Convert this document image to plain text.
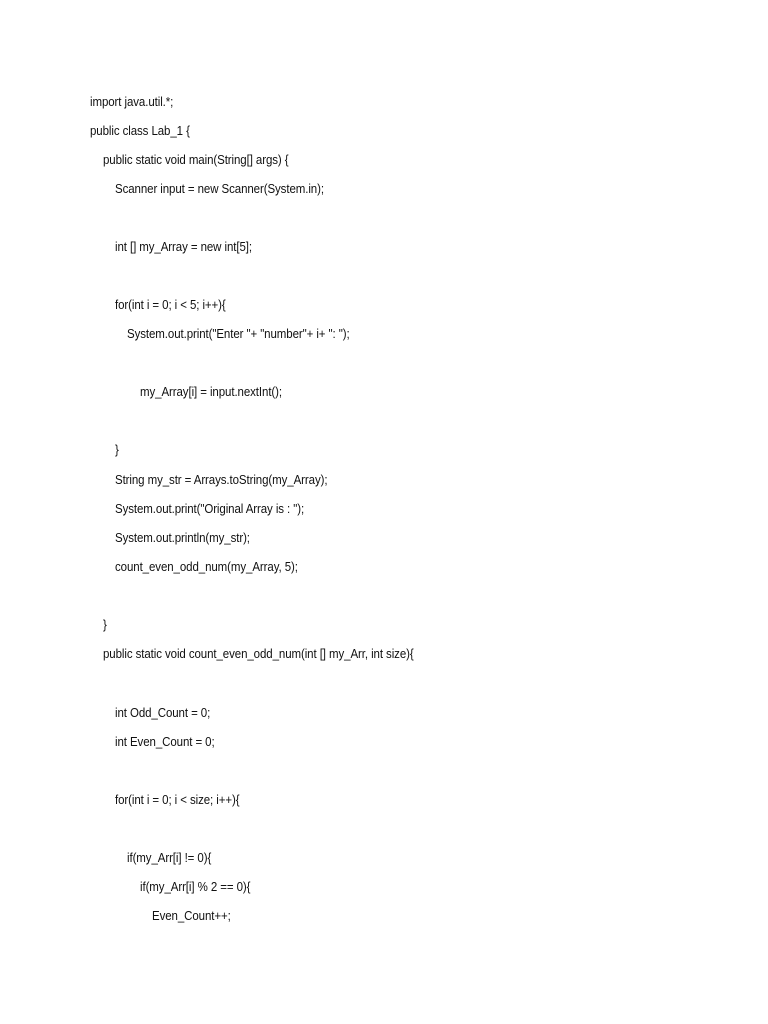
import java.util.*;
public class Lab_1 {
public static void main(String[] args) {
Scanner input = new Scanner(System.in);
int [] my_Array = new int[5];
for(int i = 0; i < 5; i++){
System.out.print("Enter "+ "number"+ i+ ": ");
my_Array[i] = input.nextInt();
}
String my_str = Arrays.toString(my_Array);
System.out.print("Original Array is : ");
System.out.println(my_str);
count_even_odd_num(my_Array, 5);
}
public static void count_even_odd_num(int [] my_Arr, int size){
int Odd_Count = 0;
int Even_Count = 0;
for(int i = 0; i < size; i++){
if(my_Arr[i] != 0){
if(my_Arr[i] % 2 == 0){
Even_Count++;
